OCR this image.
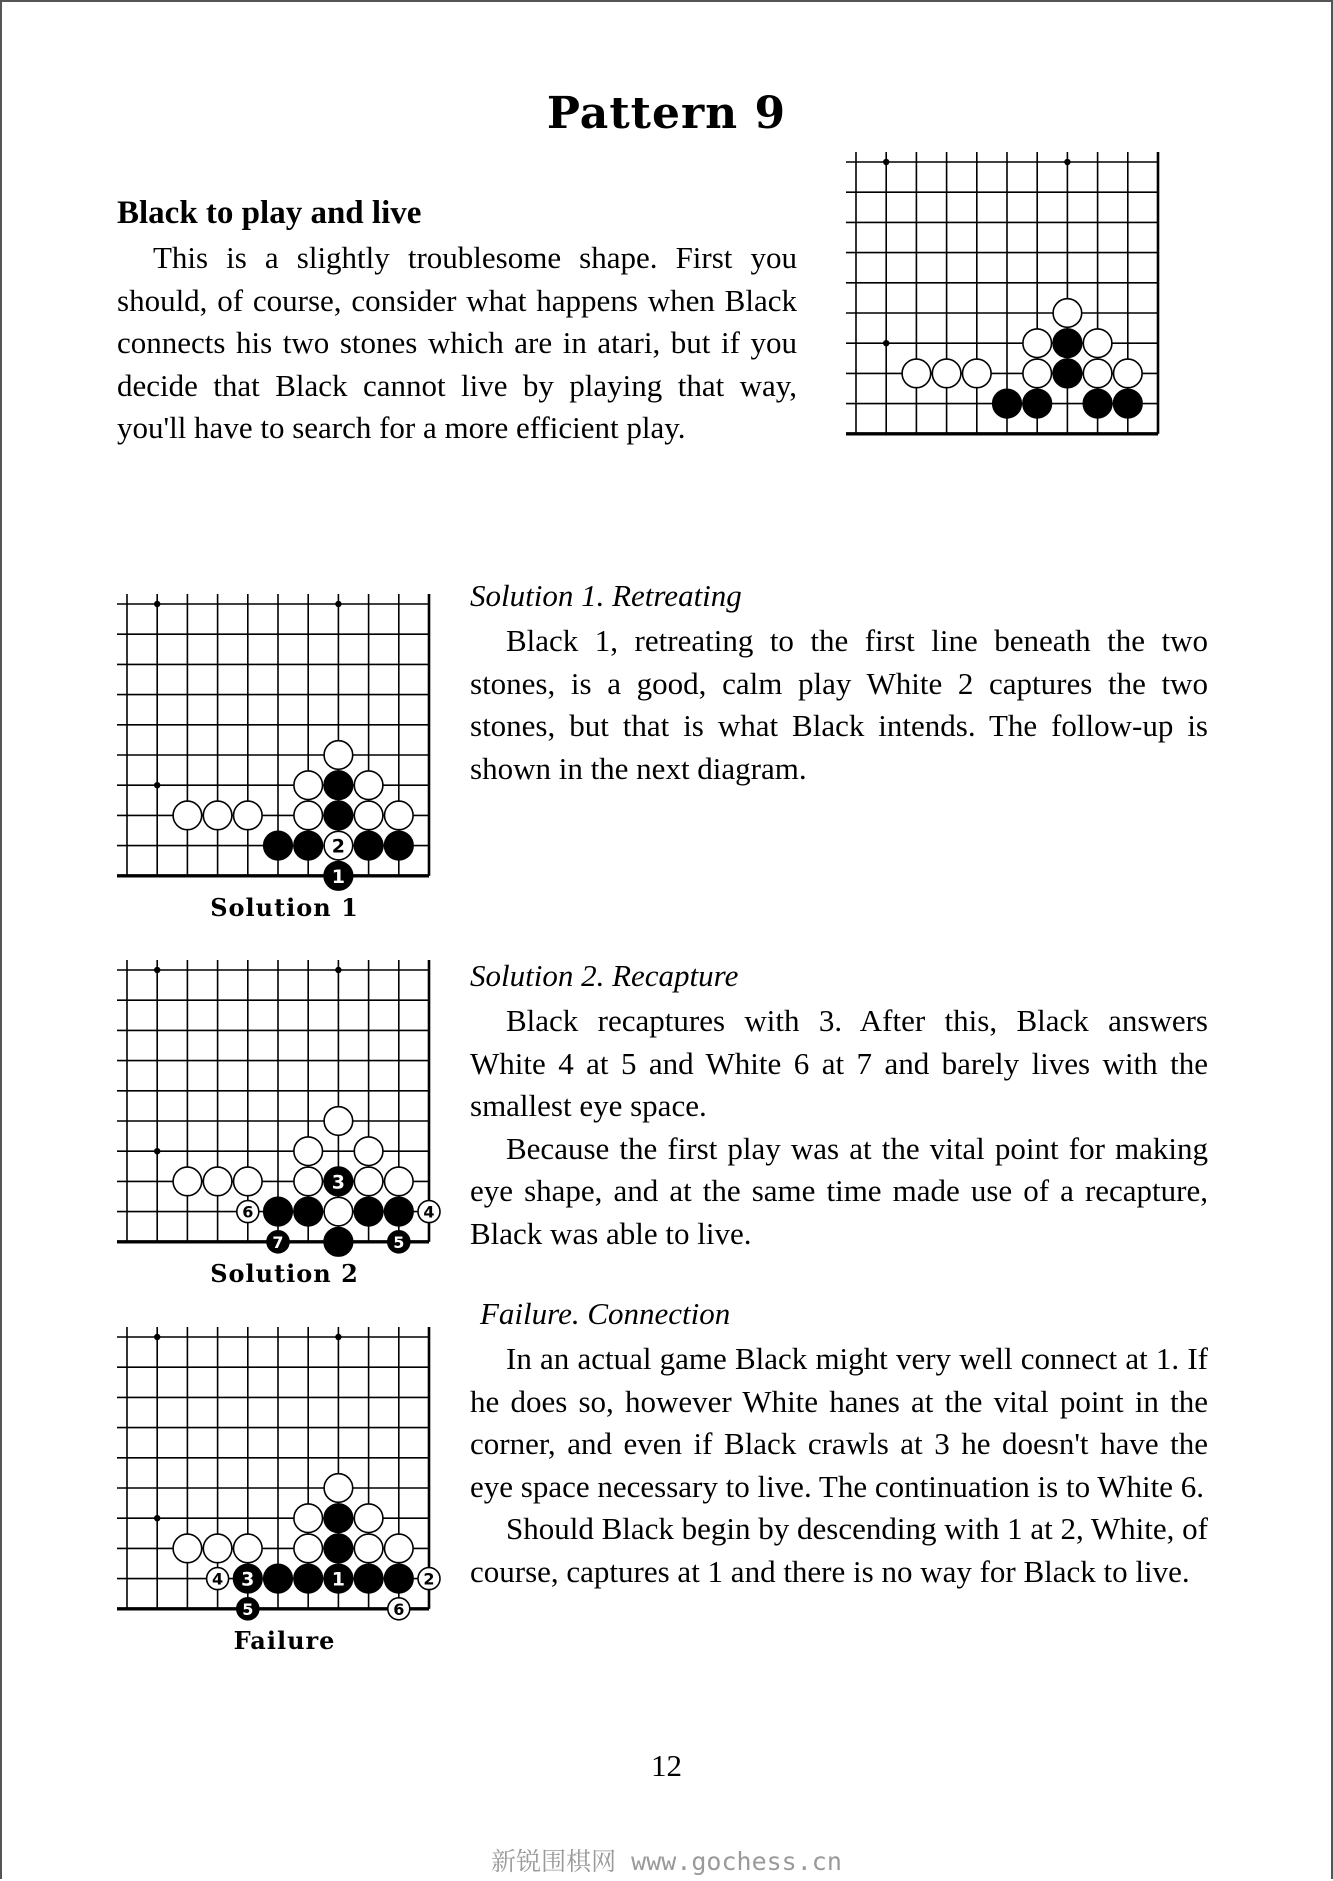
Pattern 9
Black to play and live

This is a slightly troublesome shape. First you should, of course, consider what happens when Black connects his two stones which are in atari, but if you decide that Black cannot live by playing that way, you'll have to search for a more efficient play.

2
1
Solution 1
Solution 1. Retreating

Black 1, retreating to the first line beneath the two stones, is a good, calm play White 2 captures the two stones, but that is what Black intends. The follow-up is shown in the next diagram.

3
6	4
7	5
Solution 2
Solution 2. Recapture

Black recaptures with 3. After this, Black answers White 4 at 5 and White 6 at 7 and barely lives with the smallest eye space.

Because the first play was at the vital point for making eye shape, and at the same time made use of a recapture, Black was able to live.

4 3	1	2
5	6
Failure
Failure. Connection

In an actual game Black might very well connect at 1. If he does so, however White hanes at the vital point in the corner, and even if Black crawls at 3 he doesn't have the eye space necessary to live. The continuation is to White 6.

Should Black begin by descending with 1 at 2, White, of course, captures at 1 and there is no way for Black to live.

12
新锐围棋网 www.gochess.cn
